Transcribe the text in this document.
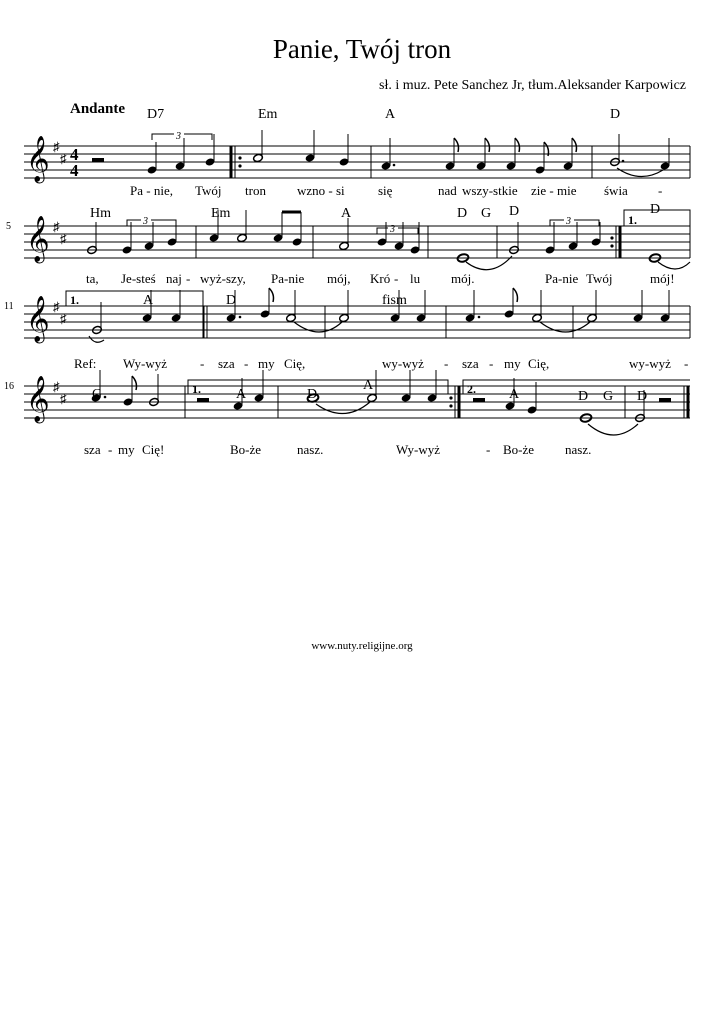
Panie, Twój tron
sł. i muz. Pete Sanchez Jr, tłum.Aleksander Karpowicz
Andante
𝄞
𝄞
𝄞
𝄞
♯
♯
♯
♯
♯
♯
♯
♯
4
4
5
11
16
3
3
3
3	1.
1.
1.	2.
D7	Em	A	D
Hm	Em	A	D G D	D
A	D	fism
G	A	D
A
A	D G D
Pa - nie, Twój tron wzno - si	się	nad wszy-stkie zie - mie świa -
ta, Je-steś naj - wyż-szy, Pa-nie mój, Kró - lu mój.	Pa-nie Twój	mój!
Ref: Wy-wyż	- sza - my Cię,	wy-wyż - sza - my Cię,	wy-wyż -
sza - my Cię!	Bo-że	nasz.	Wy-wyż	- Bo-że nasz.
www.nuty.religijne.org
